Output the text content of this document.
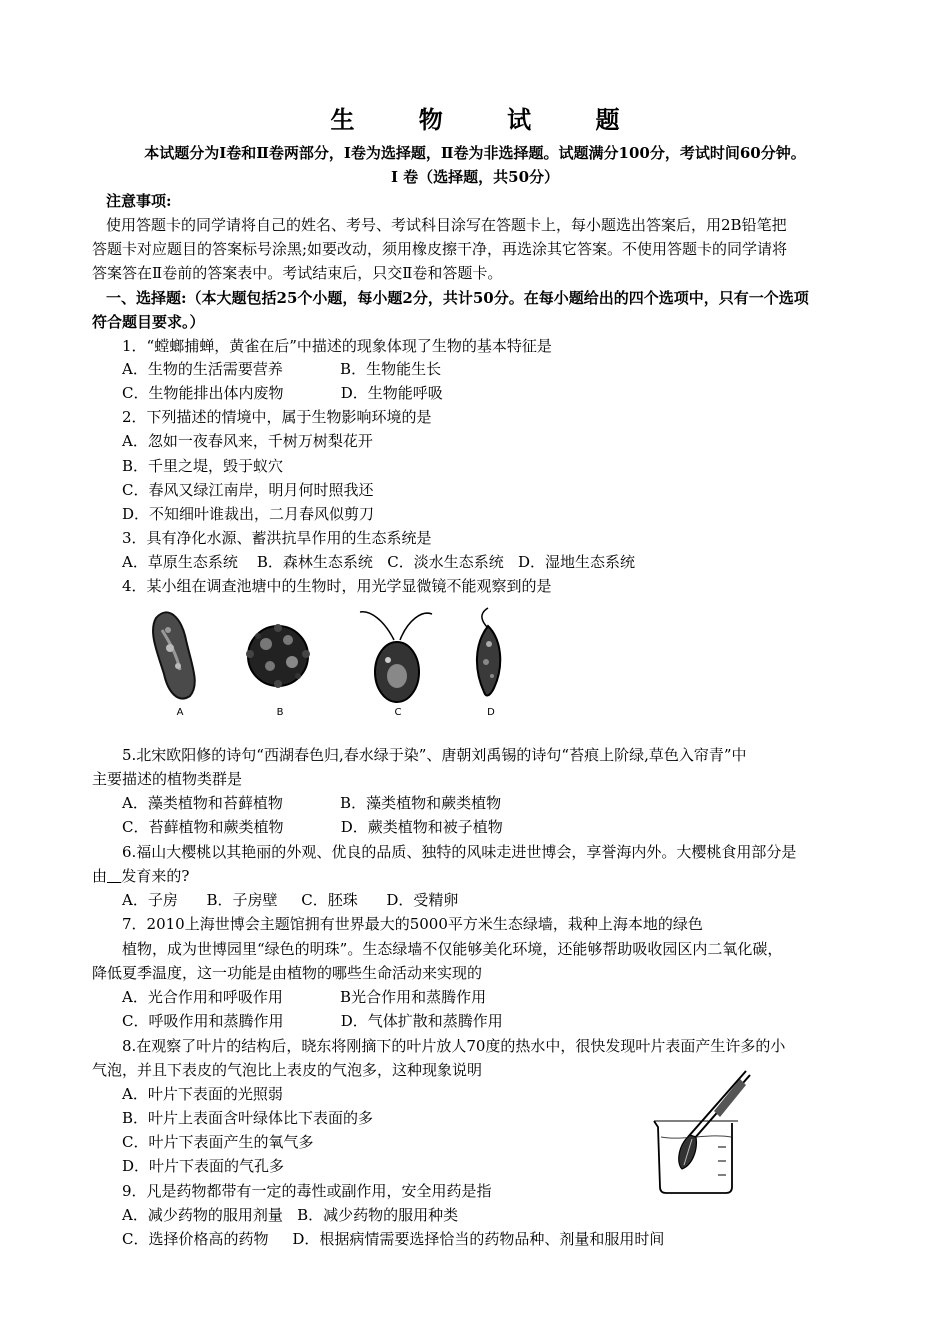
生 物 试 题
本试题分为Ⅰ卷和Ⅱ卷两部分，Ⅰ卷为选择题，Ⅱ卷为非选择题。试题满分100分，考试时间60分钟。
Ⅰ 卷（选择题，共50分）
注意事项:
使用答题卡的同学请将自己的姓名、考号、考试科目涂写在答题卡上，每小题选出答案后，用2B铅笔把
答题卡对应题目的答案标号涂黑;如要改动，须用橡皮擦干净，再选涂其它答案。不使用答题卡的同学请将
答案答在Ⅱ卷前的答案表中。考试结束后，只交Ⅱ卷和答题卡。
一、选择题:（本大题包括25个小题，每小题2分，共计50分。在每小题给出的四个选项中，只有一个选项
符合题目要求。）
1．“螳螂捕蝉，黄雀在后”中描述的现象体现了生物的基本特征是
A．生物的生活需要营养            B．生物能生长
C．生物能排出体内废物            D．生物能呼吸
2．下列描述的情境中，属于生物影响环境的是
A．忽如一夜春风来，千树万树梨花开
B．千里之堤，毁于蚁穴
C．春风又绿江南岸，明月何时照我还
D．不知细叶谁裁出，二月春风似剪刀
3．具有净化水源、蓄洪抗旱作用的生态系统是
A．草原生态系统    B．森林生态系统   C．淡水生态系统   D．湿地生态系统
4．某小组在调查池塘中的生物时，用光学显微镜不能观察到的是
A	B	C	D
5.北宋欧阳修的诗句“西湖春色归,春水绿于染”、唐朝刘禹锡的诗句“苔痕上阶绿,草色入帘青”中
主要描述的植物类群是
A．藻类植物和苔藓植物            B．藻类植物和蕨类植物
C．苔藓植物和蕨类植物            D．蕨类植物和被子植物
6.福山大樱桃以其艳丽的外观、优良的品质、独特的风味走进世博会，享誉海内外。大樱桃食用部分是
由 发育来的?
A．子房      B．子房壁     C．胚珠      D．受精卵
7．2010上海世博会主题馆拥有世界最大的5000平方米生态绿墙，栽种上海本地的绿色
植物，成为世博园里“绿色的明珠”。生态绿墙不仅能够美化环境，还能够帮助吸收园区内二氧化碳，
降低夏季温度，这一功能是由植物的哪些生命活动来实现的
A．光合作用和呼吸作用            B光合作用和蒸腾作用
C．呼吸作用和蒸腾作用            D．气体扩散和蒸腾作用
8.在观察了叶片的结构后，晓东将刚摘下的叶片放人70度的热水中，很快发现叶片表面产生许多的小
气泡，并且下表皮的气泡比上表皮的气泡多，这种现象说明
A．叶片下表面的光照弱
B．叶片上表面含叶绿体比下表面的多
C．叶片下表面产生的氧气多
D．叶片下表面的气孔多
9．凡是药物都带有一定的毒性或副作用，安全用药是指
A．减少药物的服用剂量   B．减少药物的服用种类
C．选择价格高的药物     D．根据病情需要选择恰当的药物品种、剂量和服用时间
